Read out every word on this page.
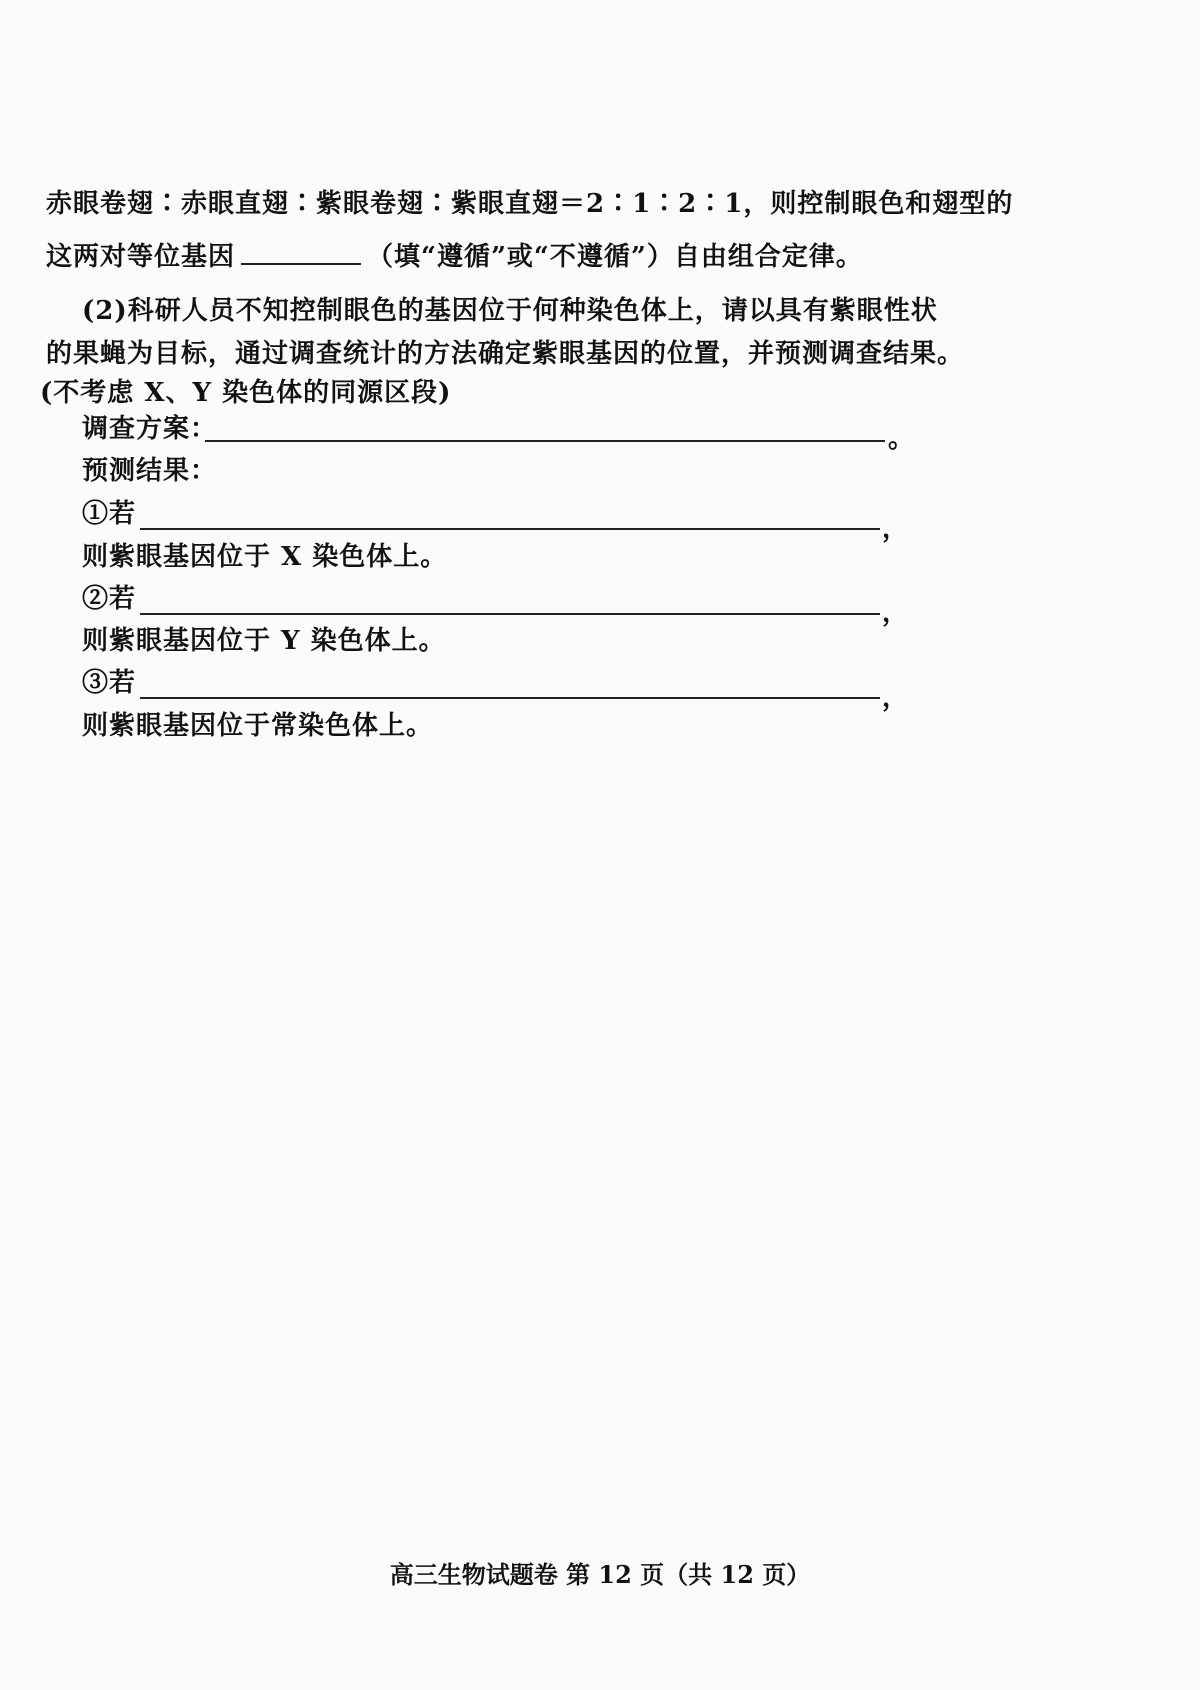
赤眼卷翅∶赤眼直翅∶紫眼卷翅∶紫眼直翅＝2∶1∶2∶1，则控制眼色和翅型的
这两对等位基因	（填“遵循”或“不遵循”）自由组合定律。
(2)科研人员不知控制眼色的基因位于何种染色体上，请以具有紫眼性状
的果蝇为目标，通过调查统计的方法确定紫眼基因的位置，并预测调查结果。
(不考虑 X、Y 染色体的同源区段)
调查方案：	。
预测结果：
①若	，
则紫眼基因位于 X 染色体上。
②若	，
则紫眼基因位于 Y 染色体上。
③若	，
则紫眼基因位于常染色体上。
高三生物试题卷 第 12 页（共 12 页）
